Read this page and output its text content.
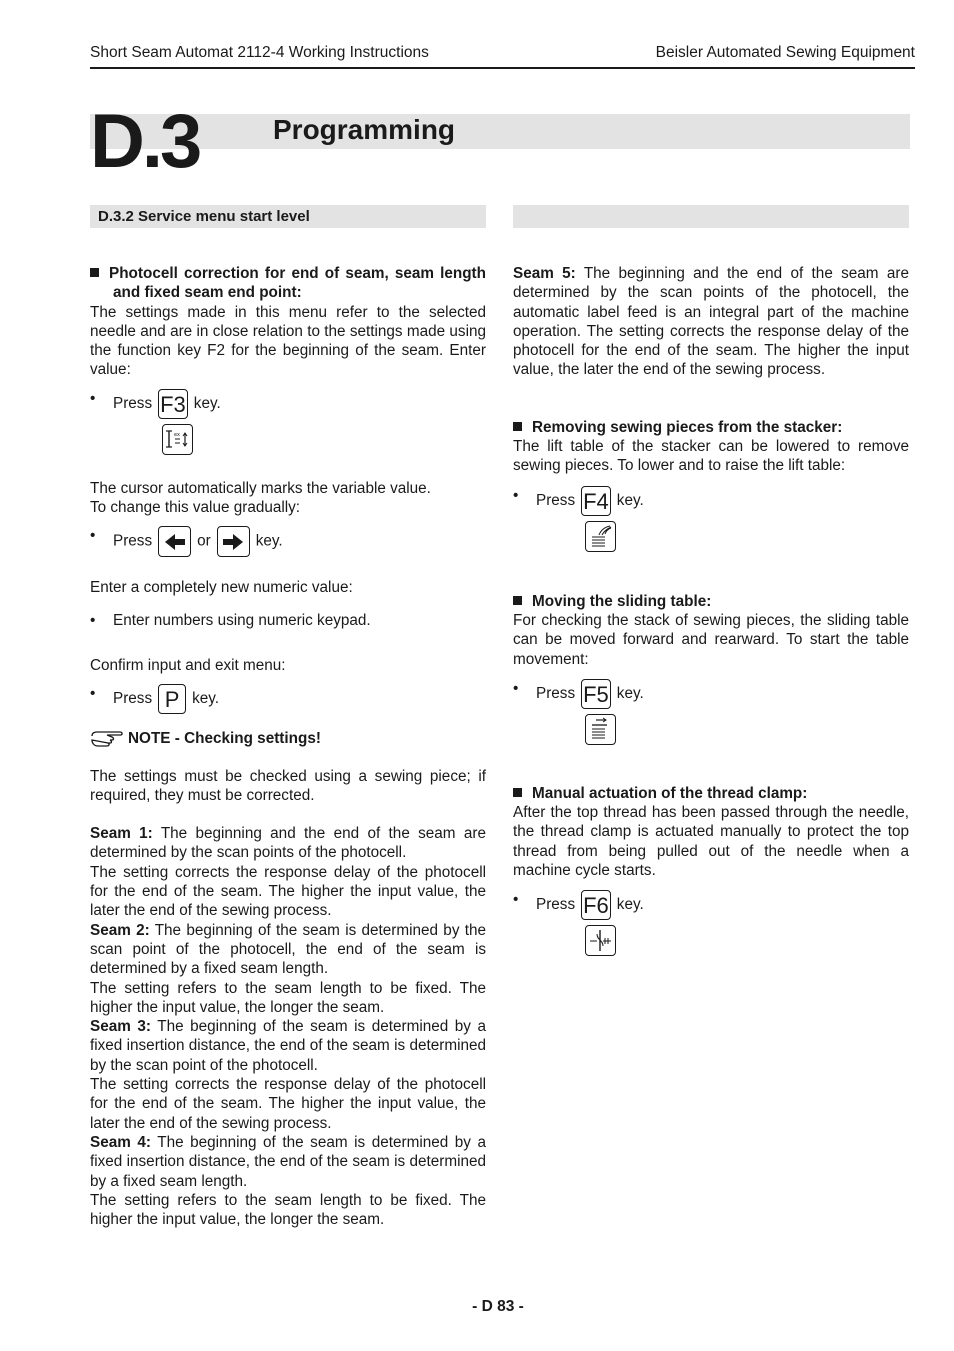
Short Seam Automat 2112-4 Working Instructions	Beisler Automated Sewing Equipment
D.3	Programming
D.3.2 Service menu start level

Photocell correction for end of seam, seam length and fixed seam end point:

The settings made in this menu refer to the selected needle and are in close relation to the settings made using the function key F2 for the beginning of the seam. Enter value:

• Press F3 key.
ex

The cursor automatically marks the variable value.

To change this value gradually:

• Press	or	key.

Enter a completely new numeric value:

• Enter numbers using numeric keypad.

Confirm input and exit menu:

• Press P key.

NOTE - Checking settings!

The settings must be checked using a sewing piece; if required, they must be corrected.

Seam 1: The beginning and the end of the seam are determined by the scan points of the photocell.

The setting corrects the response delay of the photocell for the end of the seam. The higher the input value, the later the end of the sewing process.

Seam 2: The beginning of the seam is determined by the scan point of the photocell, the end of the seam is determined by a fixed seam length.

The setting refers to the seam length to be fixed. The higher the input value, the longer the seam.

Seam 3: The beginning of the seam is determined by a fixed insertion distance, the end of the seam is determined by the scan point of the photocell.

The setting corrects the response delay of the photocell for the end of the seam. The higher the input value, the later the end of the sewing process.

Seam 4: The beginning of the seam is determined by a fixed insertion distance, the end of the seam is determined by a fixed seam length.

The setting refers to the seam length to be fixed. The higher the input value, the longer the seam.

Seam 5: The beginning and the end of the seam are determined by the scan points of the photocell, the automatic label feed is an integral part of the machine operation. The setting corrects the response delay of the photocell for the end of the seam. The higher the input value, the later the end of the sewing process.

Removing sewing pieces from the stacker:

The lift table of the stacker can be lowered to remove sewing pieces. To lower and to raise the lift table:

• Press F4 key.

Moving the sliding table:

For checking the stack of sewing pieces, the sliding table can be moved forward and rearward. To start the table movement:

• Press F5 key.

Manual actuation of the thread clamp:

After the top thread has been passed through the needle, the thread clamp is actuated manually to protect the top thread from being pulled out of the needle when a machine cycle starts.

• Press F6 key.
- D 83 -
